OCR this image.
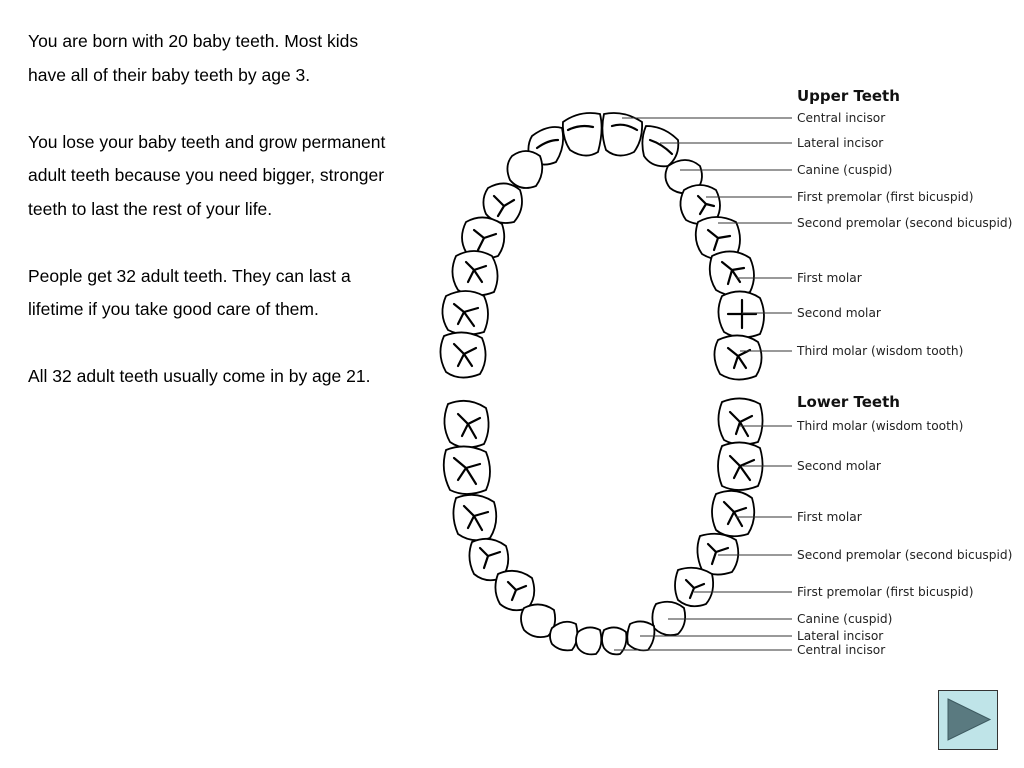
You are born with 20 baby teeth. Most kids
have all of their baby teeth by age 3.

You lose your baby teeth and grow permanent
adult teeth because you need bigger, stronger
teeth to last the rest of your life.

People get 32 adult teeth. They can last a
lifetime if you take good care of them.

All 32 adult teeth usually come in by age 21.

Upper Teeth
Central incisor
Lateral incisor
Canine (cuspid)
First premolar (first bicuspid)
Second premolar (second bicuspid)
First molar
Second molar
Third molar (wisdom tooth)
Lower Teeth
Third molar (wisdom tooth)
Second molar
First molar
Second premolar (second bicuspid)
First premolar (first bicuspid)
Canine (cuspid)
Lateral incisor
Central incisor
